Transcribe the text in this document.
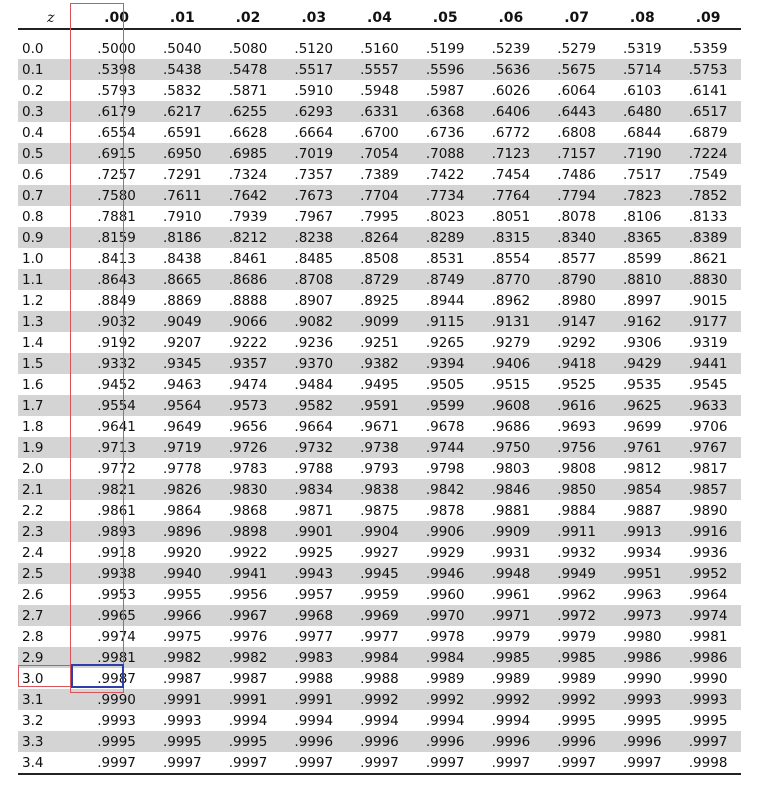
z	.00	.01	.02	.03	.04	.05	.06	.07	.08	.09

0.0	.5000	.5040	.5080	.5120	.5160	.5199	.5239	.5279	.5319	.5359
0.1	.5398	.5438	.5478	.5517	.5557	.5596	.5636	.5675	.5714	.5753
0.2	.5793	.5832	.5871	.5910	.5948	.5987	.6026	.6064	.6103	.6141
0.3	.6179	.6217	.6255	.6293	.6331	.6368	.6406	.6443	.6480	.6517
0.4	.6554	.6591	.6628	.6664	.6700	.6736	.6772	.6808	.6844	.6879
0.5	.6915	.6950	.6985	.7019	.7054	.7088	.7123	.7157	.7190	.7224
0.6	.7257	.7291	.7324	.7357	.7389	.7422	.7454	.7486	.7517	.7549
0.7	.7580	.7611	.7642	.7673	.7704	.7734	.7764	.7794	.7823	.7852
0.8	.7881	.7910	.7939	.7967	.7995	.8023	.8051	.8078	.8106	.8133
0.9	.8159	.8186	.8212	.8238	.8264	.8289	.8315	.8340	.8365	.8389
1.0	.8413	.8438	.8461	.8485	.8508	.8531	.8554	.8577	.8599	.8621
1.1	.8643	.8665	.8686	.8708	.8729	.8749	.8770	.8790	.8810	.8830
1.2	.8849	.8869	.8888	.8907	.8925	.8944	.8962	.8980	.8997	.9015
1.3	.9032	.9049	.9066	.9082	.9099	.9115	.9131	.9147	.9162	.9177
1.4	.9192	.9207	.9222	.9236	.9251	.9265	.9279	.9292	.9306	.9319
1.5	.9332	.9345	.9357	.9370	.9382	.9394	.9406	.9418	.9429	.9441
1.6	.9452	.9463	.9474	.9484	.9495	.9505	.9515	.9525	.9535	.9545
1.7	.9554	.9564	.9573	.9582	.9591	.9599	.9608	.9616	.9625	.9633
1.8	.9641	.9649	.9656	.9664	.9671	.9678	.9686	.9693	.9699	.9706
1.9	.9713	.9719	.9726	.9732	.9738	.9744	.9750	.9756	.9761	.9767
2.0	.9772	.9778	.9783	.9788	.9793	.9798	.9803	.9808	.9812	.9817
2.1	.9821	.9826	.9830	.9834	.9838	.9842	.9846	.9850	.9854	.9857
2.2	.9861	.9864	.9868	.9871	.9875	.9878	.9881	.9884	.9887	.9890
2.3	.9893	.9896	.9898	.9901	.9904	.9906	.9909	.9911	.9913	.9916
2.4	.9918	.9920	.9922	.9925	.9927	.9929	.9931	.9932	.9934	.9936
2.5	.9938	.9940	.9941	.9943	.9945	.9946	.9948	.9949	.9951	.9952
2.6	.9953	.9955	.9956	.9957	.9959	.9960	.9961	.9962	.9963	.9964
2.7	.9965	.9966	.9967	.9968	.9969	.9970	.9971	.9972	.9973	.9974
2.8	.9974	.9975	.9976	.9977	.9977	.9978	.9979	.9979	.9980	.9981
2.9	.9981	.9982	.9982	.9983	.9984	.9984	.9985	.9985	.9986	.9986
3.0	.9987	.9987	.9987	.9988	.9988	.9989	.9989	.9989	.9990	.9990
3.1	.9990	.9991	.9991	.9991	.9992	.9992	.9992	.9992	.9993	.9993
3.2	.9993	.9993	.9994	.9994	.9994	.9994	.9994	.9995	.9995	.9995
3.3	.9995	.9995	.9995	.9996	.9996	.9996	.9996	.9996	.9996	.9997
3.4	.9997	.9997	.9997	.9997	.9997	.9997	.9997	.9997	.9997	.9998
